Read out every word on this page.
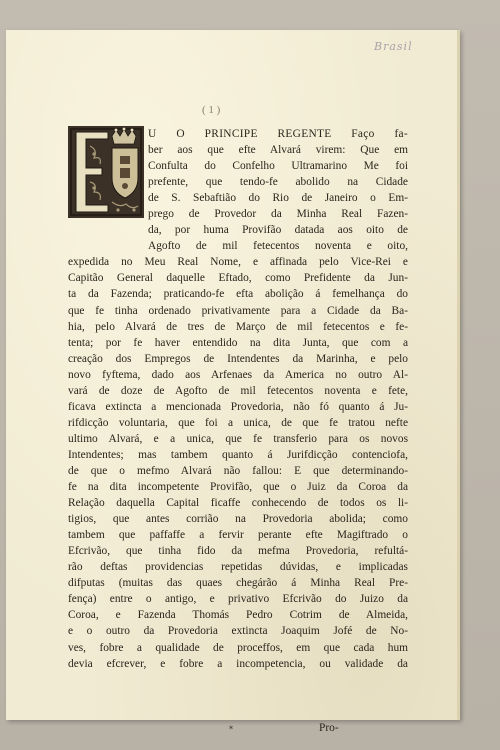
Brasil
( 1 )
U O PRINCIPE REGENTE Faço fa-
ber aos que efte Alvará virem: Que em
Confulta do Confelho Ultramarino Me foi
prefente, que tendo-fe abolido na Cidade
de S. Sebaftião do Rio de Janeiro o Em-
prego de Provedor da Minha Real Fazen-
da, por huma Provifão datada aos oito de
Agofto de mil fetecentos noventa e oito,
expedida no Meu Real Nome, e affinada pelo Vice-Rei e
Capitão General daquelle Eftado, como Prefidente da Jun-
ta da Fazenda; praticando-fe efta abolição á femelhança do
que fe tinha ordenado privativamente para a Cidade da Ba-
hia, pelo Alvará de tres de Março de mil fetecentos e fe-
tenta; por fe haver entendido na dita Junta, que com a
creação dos Empregos de Intendentes da Marinha, e pelo
novo fyftema, dado aos Arfenaes da America no outro Al-
vará de doze de Agofto de mil fetecentos noventa e fete,
ficava extincta a mencionada Provedoria, não fó quanto á Ju-
rifdicção voluntaria, que foi a unica, de que fe tratou nefte
ultimo Alvará, e a unica, que fe transferio para os novos
Intendentes; mas tambem quanto á Jurifdicção contenciofa,
de que o mefmo Alvará não fallou: E que determinando-
fe na dita incompetente Provifão, que o Juiz da Coroa da
Relação daquella Capital ficaffe conhecendo de todos os li-
tigios, que antes corrião na Provedoria abolida; como
tambem que paffaffe a fervir perante efte Magiftrado o
Efcrivão, que tinha fido da mefma Provedoria, refultá-
rão deftas providencias repetidas dúvidas, e implicadas
difputas (muitas das quaes chegárão á Minha Real Pre-
fença) entre o antigo, e privativo Efcrivão do Juizo da
Coroa, e Fazenda Thomás Pedro Cotrim de Almeida,
e o outro da Provedoria extincta Joaquim Jofé de No-
ves, fobre a qualidade de proceffos, em que cada hum
devia efcrever, e fobre a incompetencia, ou validade da
*	Pro-
